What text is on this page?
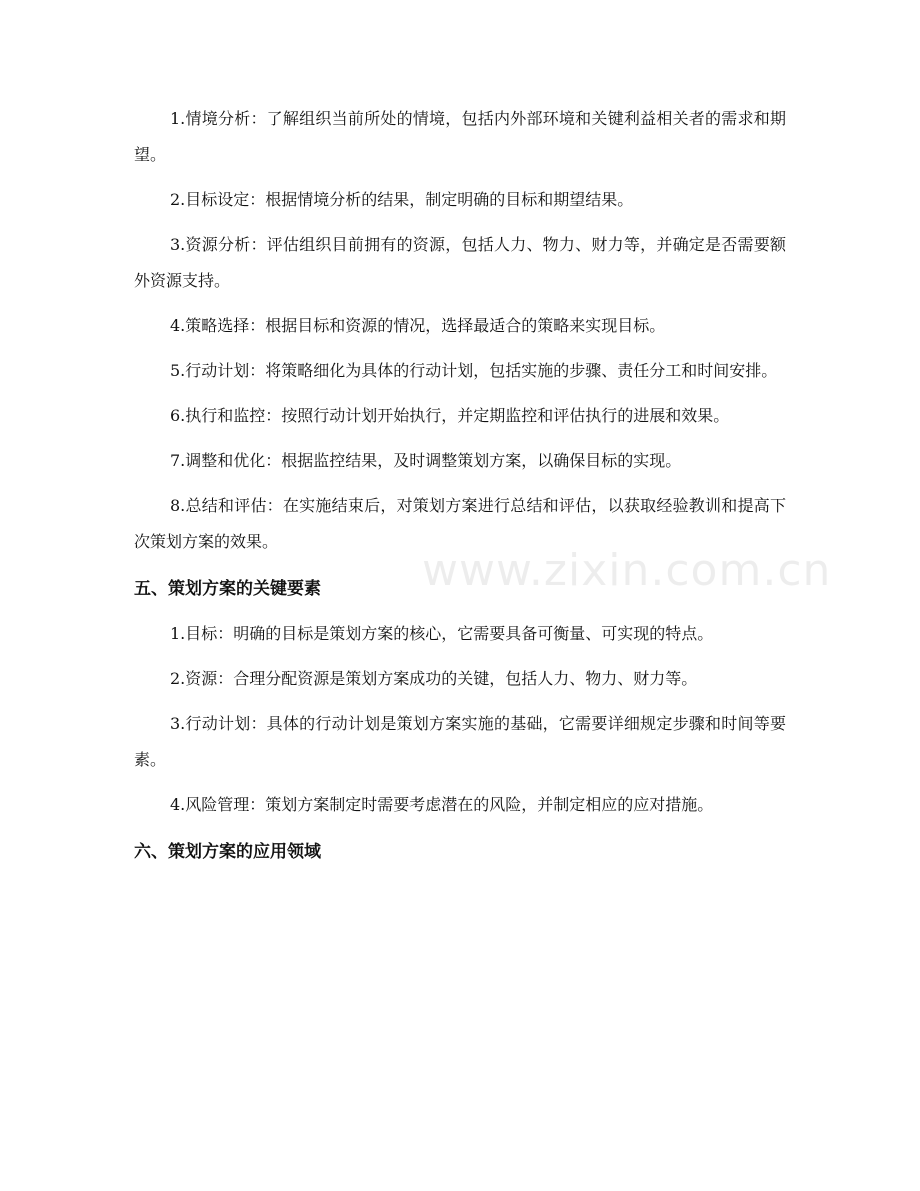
1.情境分析：了解组织当前所处的情境，包括内外部环境和关键利益相关者的需求和期望。

2.目标设定：根据情境分析的结果，制定明确的目标和期望结果。

3.资源分析：评估组织目前拥有的资源，包括人力、物力、财力等，并确定是否需要额外资源支持。

4.策略选择：根据目标和资源的情况，选择最适合的策略来实现目标。

5.行动计划：将策略细化为具体的行动计划，包括实施的步骤、责任分工和时间安排。

6.执行和监控：按照行动计划开始执行，并定期监控和评估执行的进展和效果。

7.调整和优化：根据监控结果，及时调整策划方案，以确保目标的实现。

8.总结和评估：在实施结束后，对策划方案进行总结和评估，以获取经验教训和提高下次策划方案的效果。

五、策划方案的关键要素

1.目标：明确的目标是策划方案的核心，它需要具备可衡量、可实现的特点。

2.资源：合理分配资源是策划方案成功的关键，包括人力、物力、财力等。

3.行动计划：具体的行动计划是策划方案实施的基础，它需要详细规定步骤和时间等要素。

4.风险管理：策划方案制定时需要考虑潜在的风险，并制定相应的应对措施。

六、策划方案的应用领域
www.zixin.com.cn
